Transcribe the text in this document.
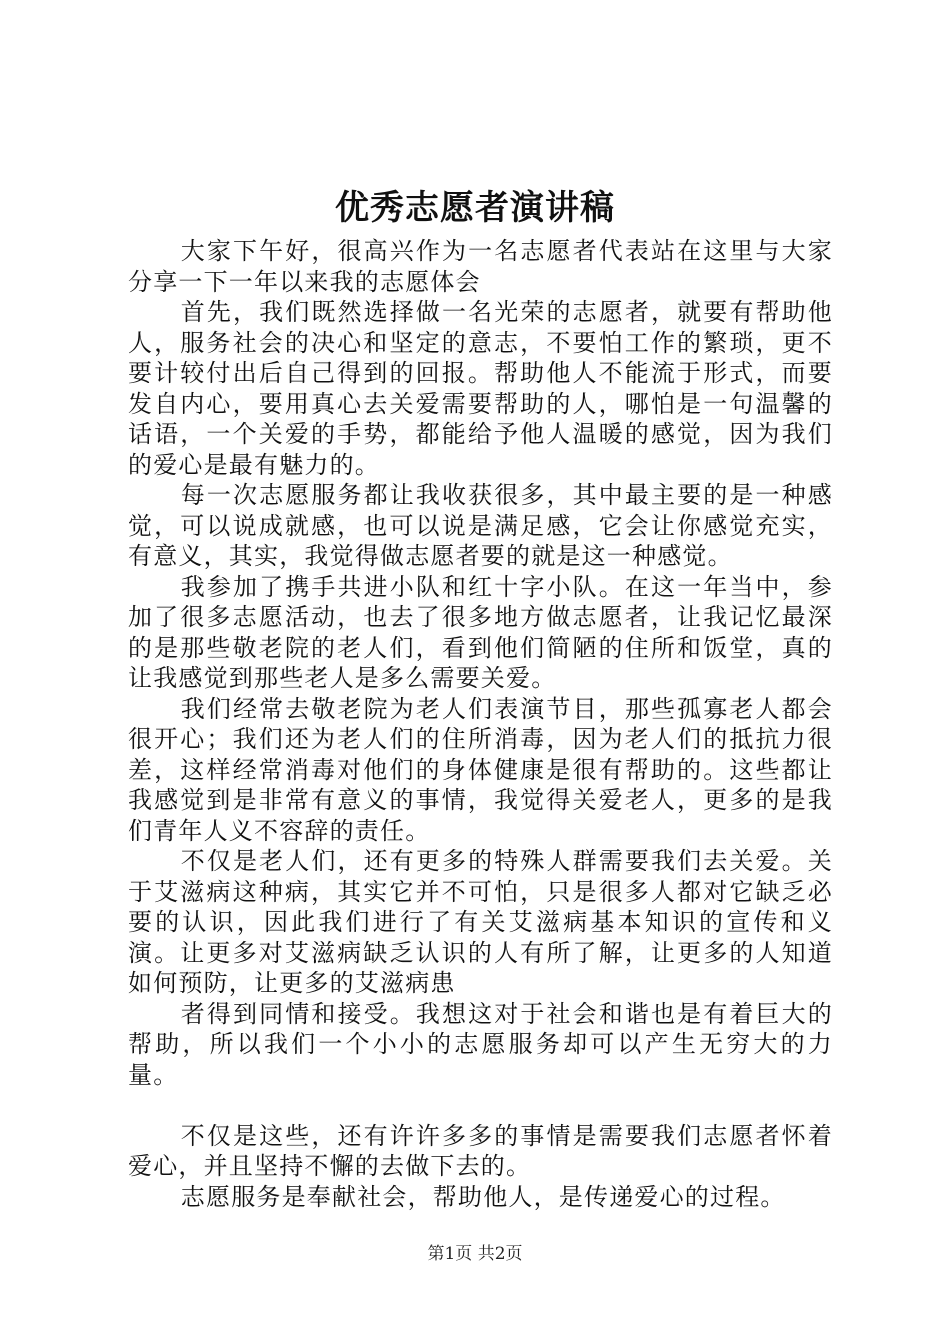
优秀志愿者演讲稿

大家下午好，很高兴作为一名志愿者代表站在这里与大家分享一下一年以来我的志愿体会

首先，我们既然选择做一名光荣的志愿者，就要有帮助他人，服务社会的决心和坚定的意志，不要怕工作的繁琐，更不要计较付出后自己得到的回报。帮助他人不能流于形式，而要发自内心，要用真心去关爱需要帮助的人，哪怕是一句温馨的话语，一个关爱的手势，都能给予他人温暖的感觉，因为我们的爱心是最有魅力的。

每一次志愿服务都让我收获很多，其中最主要的是一种感觉，可以说成就感，也可以说是满足感，它会让你感觉充实，有意义，其实，我觉得做志愿者要的就是这一种感觉。

我参加了携手共进小队和红十字小队。在这一年当中，参加了很多志愿活动，也去了很多地方做志愿者，让我记忆最深的是那些敬老院的老人们，看到他们简陋的住所和饭堂，真的让我感觉到那些老人是多么需要关爱。

我们经常去敬老院为老人们表演节目，那些孤寡老人都会很开心；我们还为老人们的住所消毒，因为老人们的抵抗力很差，这样经常消毒对他们的身体健康是很有帮助的。这些都让我感觉到是非常有意义的事情，我觉得关爱老人，更多的是我们青年人义不容辞的责任。

不仅是老人们，还有更多的特殊人群需要我们去关爱。关于艾滋病这种病，其实它并不可怕，只是很多人都对它缺乏必要的认识，因此我们进行了有关艾滋病基本知识的宣传和义演。让更多对艾滋病缺乏认识的人有所了解，让更多的人知道如何预防，让更多的艾滋病患

者得到同情和接受。我想这对于社会和谐也是有着巨大的帮助，所以我们一个小小的志愿服务却可以产生无穷大的力量。

不仅是这些，还有许许多多的事情是需要我们志愿者怀着爱心，并且坚持不懈的去做下去的。

志愿服务是奉献社会，帮助他人，是传递爱心的过程。

第1页 共2页
